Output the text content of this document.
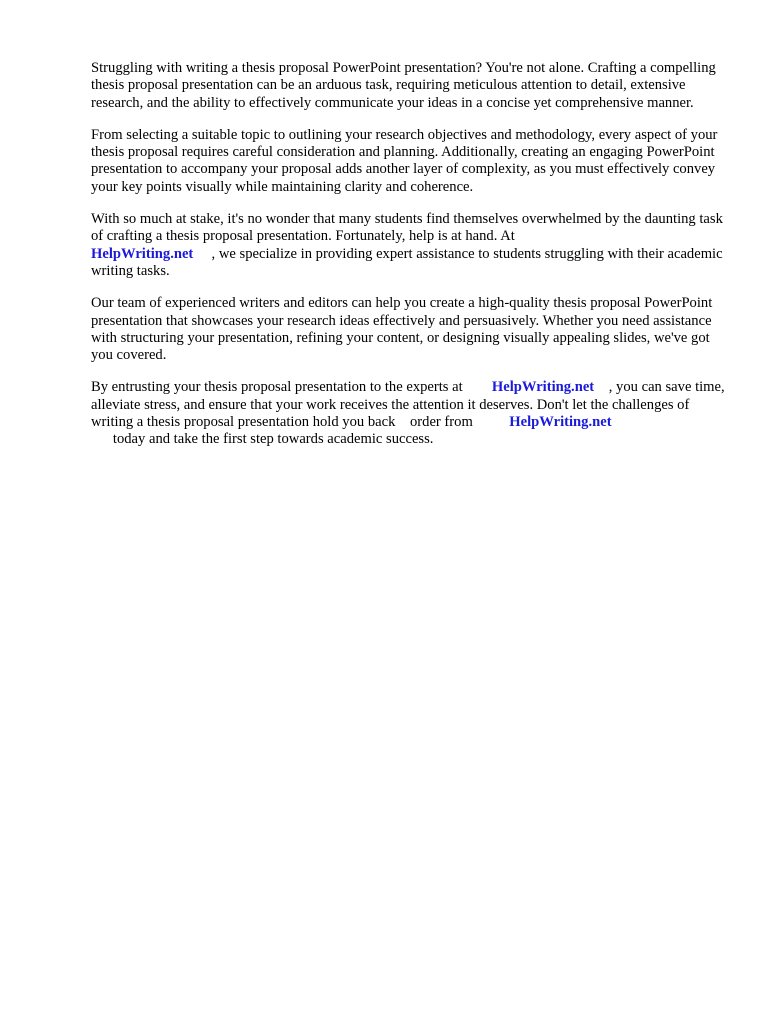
Struggling with writing a thesis proposal PowerPoint presentation? You're not alone. Crafting a compelling thesis proposal presentation can be an arduous task, requiring meticulous attention to detail, extensive research, and the ability to effectively communicate your ideas in a concise yet comprehensive manner.

From selecting a suitable topic to outlining your research objectives and methodology, every aspect of your thesis proposal requires careful consideration and planning. Additionally, creating an engaging PowerPoint presentation to accompany your proposal adds another layer of complexity, as you must effectively convey your key points visually while maintaining clarity and coherence.

With so much at stake, it's no wonder that many students find themselves overwhelmed by the daunting task of crafting a thesis proposal presentation. Fortunately, help is at hand. At
HelpWriting.net , we specialize in providing expert assistance to students struggling with their academic writing tasks.

Our team of experienced writers and editors can help you create a high-quality thesis proposal PowerPoint presentation that showcases your research ideas effectively and persuasively. Whether you need assistance with structuring your presentation, refining your content, or designing visually appealing slides, we've got you covered.

By entrusting your thesis proposal presentation to the experts at HelpWriting.net , you can save time, alleviate stress, and ensure that your work receives the attention it deserves. Don't let the challenges of writing a thesis proposal presentation hold you back order from HelpWriting.net
today and take the first step towards academic success.
